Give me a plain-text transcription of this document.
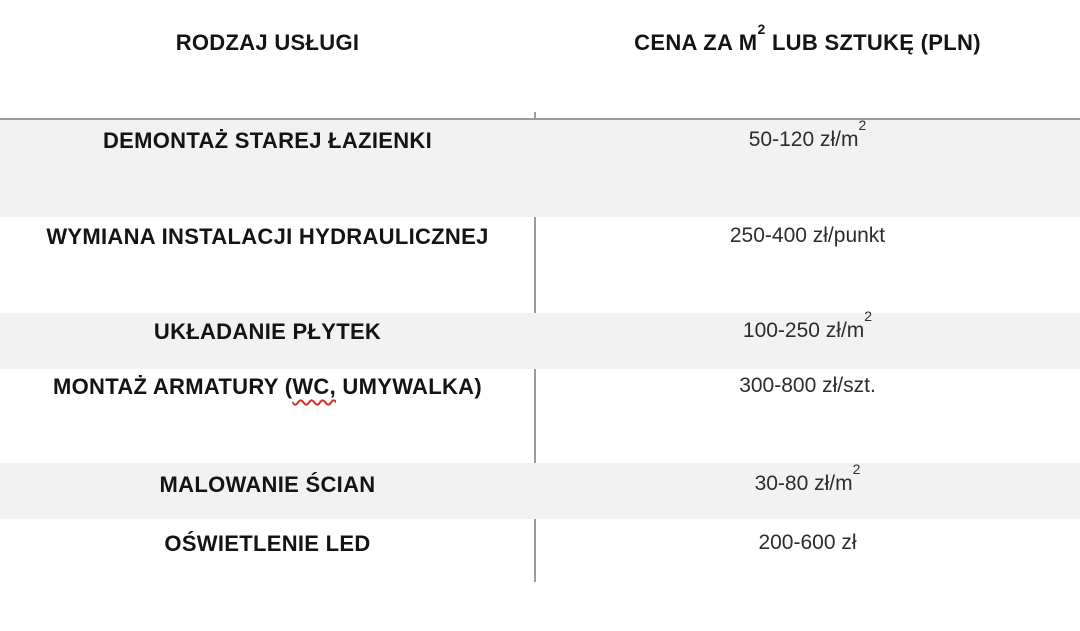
RODZAJ USŁUGI	CENA ZA $M^2$ LUB SZTUKĘ (PLN)
DEMONTAŻ STAREJ ŁAZIENKI	50-120 $zł/m^2$
WYMIANA INSTALACJI HYDRAULICZNEJ	250-400 zł/punkt
UKŁADANIE PŁYTEK	100-250 $zł/m^2$
MONTAŻ ARMATURY (WC, UMYWALKA)	300-800 zł/szt.
MALOWANIE ŚCIAN	30-80 $zł/m^2$
OŚWIETLENIE LED	200-600 zł
